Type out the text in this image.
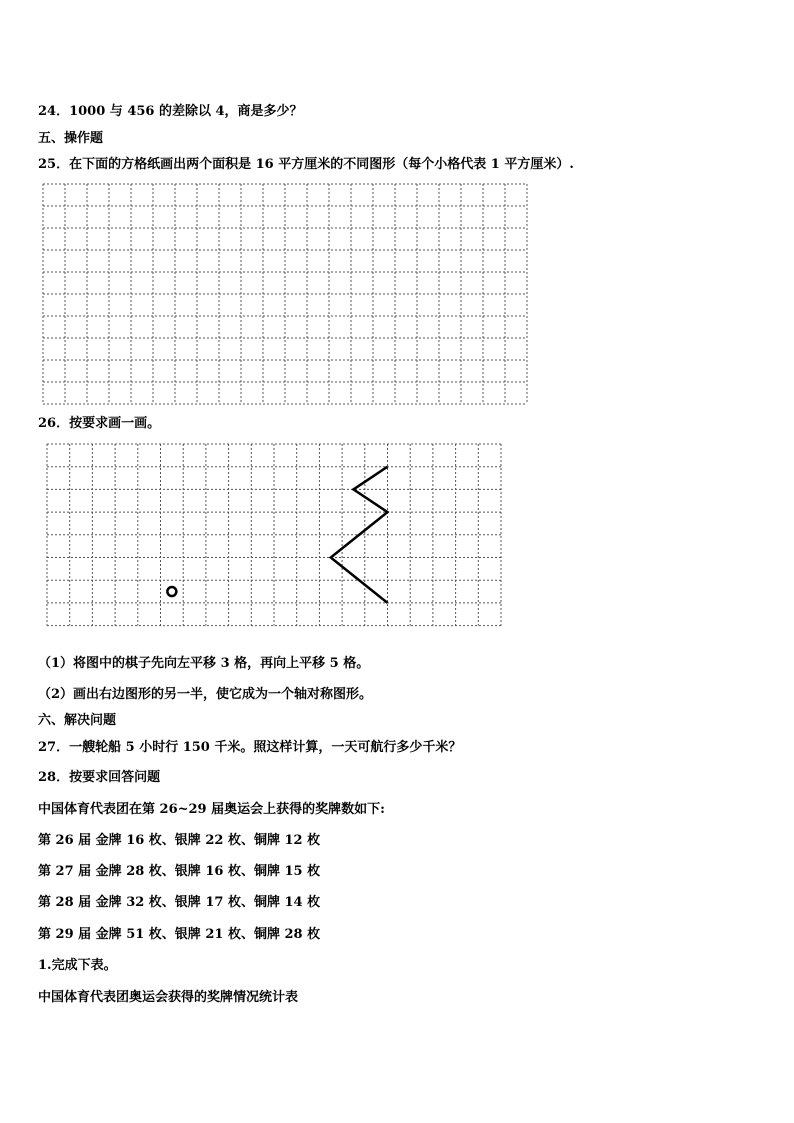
24．1000 与 456 的差除以 4，商是多少？
五、操作题
25．在下面的方格纸画出两个面积是 16 平方厘米的不同图形（每个小格代表 1 平方厘米）.
26．按要求画一画。
（1）将图中的棋子先向左平移 3 格，再向上平移 5 格。
（2）画出右边图形的另一半，使它成为一个轴对称图形。
六、解决问题
27．一艘轮船 5 小时行 150 千米。照这样计算，一天可航行多少千米？
28．按要求回答问题
中国体育代表团在第 26~29 届奥运会上获得的奖牌数如下:
第 26 届 金牌 16 枚、银牌 22 枚、铜牌 12 枚
第 27 届 金牌 28 枚、银牌 16 枚、铜牌 15 枚
第 28 届 金牌 32 枚、银牌 17 枚、铜牌 14 枚
第 29 届 金牌 51 枚、银牌 21 枚、铜牌 28 枚
1.完成下表。
中国体育代表团奥运会获得的奖牌情况统计表
